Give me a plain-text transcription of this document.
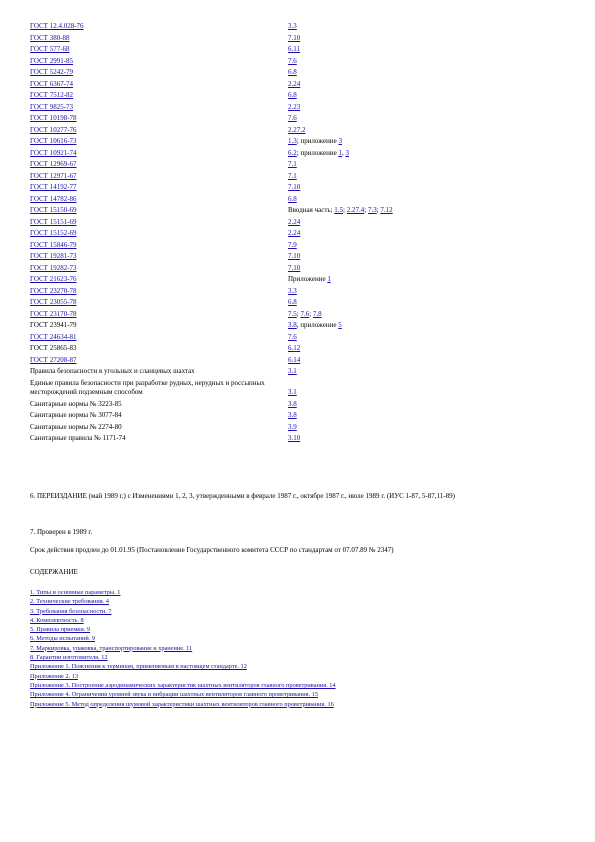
ГОСТ 12.4.028-76	3.3
ГОСТ 380-88	7.10
ГОСТ 577-68	6.11
ГОСТ 2991-85	7.6
ГОСТ 5242-79	6.8
ГОСТ 6367-74	2.24
ГОСТ 7512-82	6.8
ГОСТ 9825-73	2.23
ГОСТ 10198-78	7.6
ГОСТ 10277-76	2.27.2
ГОСТ 10616-73	1.3; приложение 3
ГОСТ 10921-74	6.2; приложение 1, 3
ГОСТ 12969-67	7.1
ГОСТ 12971-67	7.1
ГОСТ 14192-77	7.10
ГОСТ 14782-86	6.8
ГОСТ 15150-69	Вводная часть; 1.5; 2.27.4; 7.3; 7.12
ГОСТ 15151-69	2.24
ГОСТ 15152-69	2.24
ГОСТ 15846-79	7.9
ГОСТ 19281-73	7.10
ГОСТ 19282-73	7.10
ГОСТ 21623-76	Приложение 1
ГОСТ 23270-78	3.3
ГОСТ 23055-78	6.8
ГОСТ 23170-78	7.5; 7.6; 7.8
ГОСТ 23941-79	3.8, приложение 5
ГОСТ 24634-81	7.6
ГОСТ 25865-83	6.12
ГОСТ 27208-87	6.14
Правила безопасности в угольных и сланцевых шахтах	3.1
Единые правила безопасности при разработке рудных, нерудных и россыпных месторождений подземным способом	3.1
Санитарные нормы № 3223-85	3.8
Санитарные нормы № 3077-84	3.8
Санитарные нормы № 2274-80	3.9
Санитарные правила № 1171-74	3.10

6. ПЕРЕИЗДАНИЕ (май 1989 г.) с Изменениями 1, 2, 3, утвержденными в феврале 1987 г., октябре 1987 г., июле 1989 г. (ИУС 1-87, 5-87,11-89)

7. Проверен в 1989 г.

Срок действия продлен до 01.01.95 (Постановление Государственного комитета СССР по стандартам от 07.07.89 № 2347)

СОДЕРЖАНИЕ

1. Типы и основные параметры. 1
2. Технические требования. 4
3. Требования безопасности. 7
4. Комплектность. 8
5. Правила приемки. 9
6. Методы испытаний. 9
7. Маркировка, упаковка, транспортирование и хранение. 11
8. Гарантии изготовителя. 12
Приложение 1. Пояснения к терминам, применяемым в настоящем стандарте. 12
Приложение 2. 13
Приложение 3. Построение аэродинамических характеристик шахтных вентиляторов главного проветривания. 14
Приложение 4. Ограничения уровней звука и вибрации шахтных вентиляторов главного проветривания. 15
Приложение 5. Метод определения шумовой характеристики шахтных вентиляторов главного проветривания. 16
